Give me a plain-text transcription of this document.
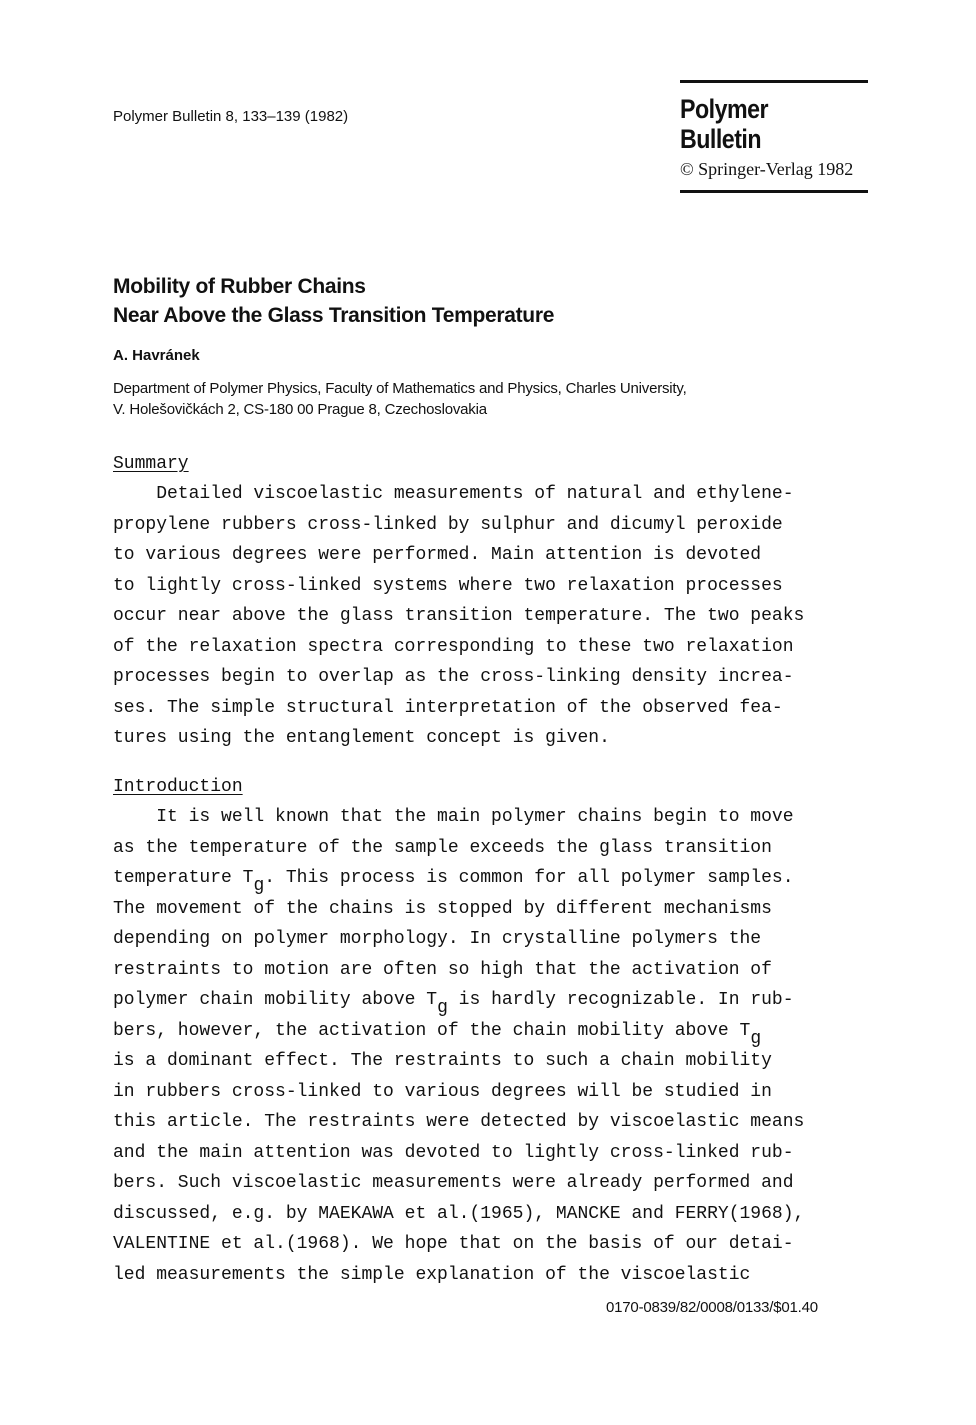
Polymer Bulletin 8, 133–139 (1982)	Polymer Bulletin
© Springer-Verlag 1982
Mobility of Rubber Chains
Near Above the Glass Transition Temperature
A. Havránek
Department of Polymer Physics, Faculty of Mathematics and Physics, Charles University,
V. Holešovičkách 2, CS-180 00 Prague 8, Czechoslovakia
Summary
Detailed viscoelastic measurements of natural and ethylene-
propylene rubbers cross-linked by sulphur and dicumyl peroxide
to various degrees were performed. Main attention is devoted
to lightly cross-linked systems where two relaxation processes
occur near above the glass transition temperature. The two peaks
of the relaxation spectra corresponding to these two relaxation
processes begin to overlap as the cross-linking density increa-
ses. The simple structural interpretation of the observed fea-
tures using the entanglement concept is given.
Introduction
It is well known that the main polymer chains begin to move
as the temperature of the sample exceeds the glass transition
temperature Tg. This process is common for all polymer samples.
The movement of the chains is stopped by different mechanisms
depending on polymer morphology. In crystalline polymers the
restraints to motion are often so high that the activation of
polymer chain mobility above Tg is hardly recognizable. In rub-
bers, however, the activation of the chain mobility above Tg
is a dominant effect. The restraints to such a chain mobility
in rubbers cross-linked to various degrees will be studied in
this article. The restraints were detected by viscoelastic means
and the main attention was devoted to lightly cross-linked rub-
bers. Such viscoelastic measurements were already performed and
discussed, e.g. by MAEKAWA et al.(1965), MANCKE and FERRY(1968),
VALENTINE et al.(1968). We hope that on the basis of our detai-
led measurements the simple explanation of the viscoelastic
0170-0839/82/0008/0133/$01.40
